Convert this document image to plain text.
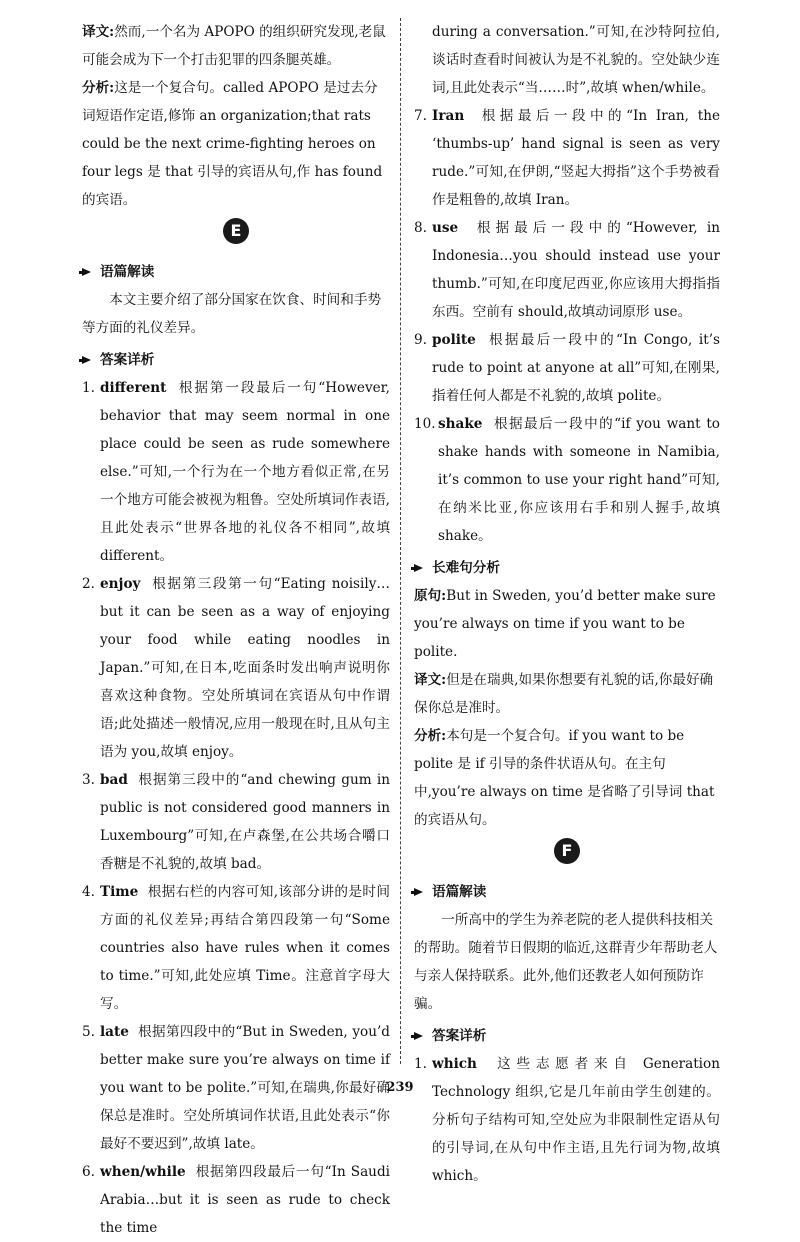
译文:然而,一个名为 APOPO 的组织研究发现,老鼠可能会成为下一个打击犯罪的四条腿英雄。

分析:这是一个复合句。called APOPO 是过去分词短语作定语,修饰 an organization;that rats could be the next crime-fighting heroes on four legs 是 that 引导的宾语从句,作 has found 的宾语。

E

语篇解读

本文主要介绍了部分国家在饮食、时间和手势等方面的礼仪差异。

答案详析

1. different 根据第一段最后一句“However, behavior that may seem normal in one place could be seen as rude somewhere else.”可知,一个行为在一个地方看似正常,在另一个地方可能会被视为粗鲁。空处所填词作表语,且此处表示“世界各地的礼仪各不相同”,故填 different。

2. enjoy 根据第三段第一句“Eating noisily…but it can be seen as a way of enjoying your food while eating noodles in Japan.”可知,在日本,吃面条时发出响声说明你喜欢这种食物。空处所填词在宾语从句中作谓语;此处描述一般情况,应用一般现在时,且从句主语为 you,故填 enjoy。

3. bad 根据第三段中的“and chewing gum in public is not considered good manners in Luxembourg”可知,在卢森堡,在公共场合嚼口香糖是不礼貌的,故填 bad。

4. Time 根据右栏的内容可知,该部分讲的是时间方面的礼仪差异;再结合第四段第一句“Some countries also have rules when it comes to time.”可知,此处应填 Time。注意首字母大写。

5. late 根据第四段中的“But in Sweden, you’d better make sure you’re always on time if you want to be polite.”可知,在瑞典,你最好确保总是准时。空处所填词作状语,且此处表示“你最好不要迟到”,故填 late。

6. when/while 根据第四段最后一句“In Saudi Arabia…but it is seen as rude to check the time

during a conversation.”可知,在沙特阿拉伯,谈话时查看时间被认为是不礼貌的。空处缺少连词,且此处表示“当……时”,故填 when/while。

7. Iran 根据最后一段中的“In Iran, the ‘thumbs-up’ hand signal is seen as very rude.”可知,在伊朗,“竖起大拇指”这个手势被看作是粗鲁的,故填 Iran。

8. use 根据最后一段中的“However, in Indonesia…you should instead use your thumb.”可知,在印度尼西亚,你应该用大拇指指东西。空前有 should,故填动词原形 use。

9. polite 根据最后一段中的“In Congo, it’s rude to point at anyone at all”可知,在刚果,指着任何人都是不礼貌的,故填 polite。

10. shake 根据最后一段中的“if you want to shake hands with someone in Namibia, it’s common to use your right hand”可知,在纳米比亚,你应该用右手和别人握手,故填 shake。

长难句分析

原句:But in Sweden, you’d better make sure you’re always on time if you want to be polite.

译文:但是在瑞典,如果你想要有礼貌的话,你最好确保你总是准时。

分析:本句是一个复合句。if you want to be polite 是 if 引导的条件状语从句。在主句中,you’re always on time 是省略了引导词 that 的宾语从句。

F

语篇解读

一所高中的学生为养老院的老人提供科技相关的帮助。随着节日假期的临近,这群青少年帮助老人与亲人保持联系。此外,他们还教老人如何预防诈骗。

答案详析

1. which 这些志愿者来自 Generation Technology 组织,它是几年前由学生创建的。分析句子结构可知,空处应为非限制性定语从句的引导词,在从句中作主语,且先行词为物,故填 which。

239
